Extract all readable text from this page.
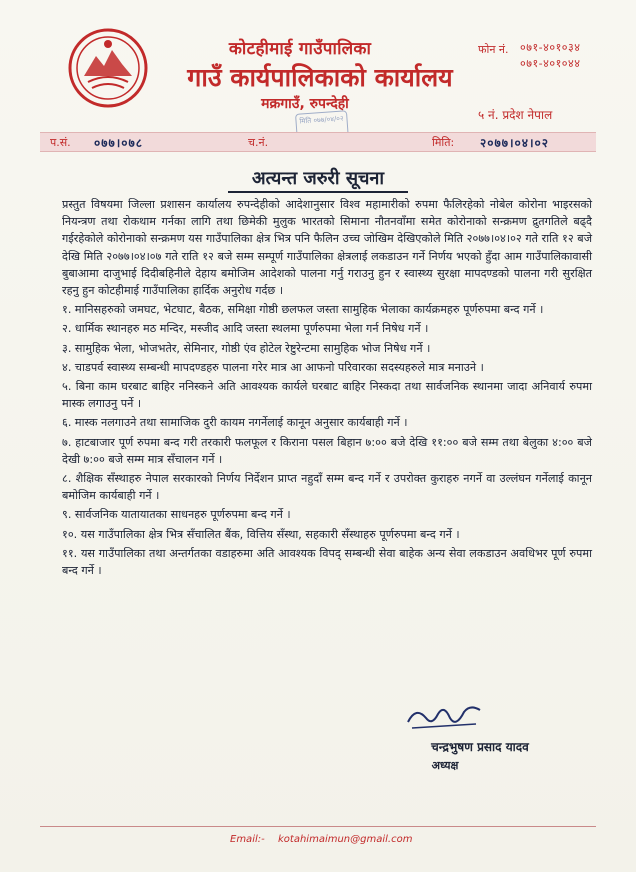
कोटहीमाई गाउँपालिका
गाउँ कार्यपालिकाको कार्यालय
मक्रगाउँ, रुपन्देही
मिति ०७७/०४/०२
फोन नं. ०७१-४०१०३४
०७१-४०१०४४
५ नं. प्रदेश नेपाल
प.सं. ०७७।०७८	च.नं.	मिति: २०७७।०४।०२
अत्यन्त जरुरी सूचना

प्रस्तुत विषयमा जिल्ला प्रशासन कार्यालय रुपन्देहीको आदेशानुसार विश्व महामारीको रुपमा फैलिरहेको नोबेल कोरोना भाइरसको नियन्त्रण तथा रोकथाम गर्नका लागि तथा छिमेकी मुलुक भारतको सिमाना नौतनवाँमा समेत कोरोनाको सन्क्रमण द्रुतगतिले बढ्दै गईरहेकोले कोरोनाको सन्क्रमण यस गाउँपालिका क्षेत्र भित्र पनि फैलिन उच्च जोखिम देखिएकोले मिति २०७७।०४।०२ गते राति १२ बजे देखि मिति २०७७।०४।०७ गते राति १२ बजे सम्म सम्पूर्ण गाउँपालिका क्षेत्रलाई लकडाउन गर्ने निर्णय भएको हुँदा आम गाउँपालिकावासी बुबाआमा दाजुभाई दिदीबहिनीले देहाय बमोजिम आदेशको पालना गर्नु गराउनु हुन र स्वास्थ्य सुरक्षा मापदण्डको पालना गरी सुरक्षित रहनु हुन कोटहीमाई गाउँपालिका हार्दिक अनुरोध गर्दछ ।

१. मानिसहरुको जमघट, भेटघाट, बैठक, समिक्षा गोष्ठी छलफल जस्ता सामुहिक भेलाका कार्यक्रमहरु पूर्णरुपमा बन्द गर्ने ।

२. धार्मिक स्थानहरु मठ मन्दिर, मस्जीद आदि जस्ता स्थलमा पूर्णरुपमा भेला गर्न निषेध गर्ने ।

३. सामुहिक भेला, भोजभतेर, सेमिनार, गोष्ठी एंव होटेल रेष्टुरेन्टमा सामुहिक भोज निषेध गर्ने ।

४. चाडपर्व स्वास्थ्य सम्बन्धी मापदण्डहरु पालना गरेर मात्र आ आफनो परिवारका सदस्यहरुले मात्र मनाउने ।

५. बिना काम घरबाट बाहिर ननिस्कने अति आवश्यक कार्यले घरबाट बाहिर निस्कदा तथा सार्वजनिक स्थानमा जादा अनिवार्य रुपमा मास्क लगाउनु पर्ने ।

६. मास्क नलगाउने तथा सामाजिक दुरी कायम नगर्नेलाई कानून अनुसार कार्यबाही गर्ने ।

७. हाटबाजार पूर्ण रुपमा बन्द गरी तरकारी फलफूल र किराना पसल बिहान ७:०० बजे देखि ११:०० बजे सम्म तथा बेलुका ४:०० बजे देखी ७:०० बजे सम्म मात्र सँचालन गर्ने ।

८. शैक्षिक सँस्थाहरु नेपाल सरकारको निर्णय निर्देशन प्राप्त नहुदाँ सम्म बन्द गर्ने र उपरोक्त कुराहरु नगर्ने वा उल्लंघन गर्नेलाई कानून बमोजिम कार्यबाही गर्ने ।

९. सार्वजनिक यातायातका साधनहरु पूर्णरुपमा बन्द गर्ने ।

१०. यस गाउँपालिका क्षेत्र भित्र सँचालित बैंक, वित्तिय सँस्था, सहकारी सँस्थाहरु पूर्णरुपमा बन्द गर्ने ।

११. यस गाउँपालिका तथा अन्तर्गतका वडाहरुमा अति आवश्यक विपद् सम्बन्धी सेवा बाहेक अन्य सेवा लकडाउन अवधिभर पूर्ण रुपमा बन्द गर्ने ।

चन्द्रभुषण प्रसाद यादव
अध्यक्ष
Email:- kotahimaimun@gmail.com
